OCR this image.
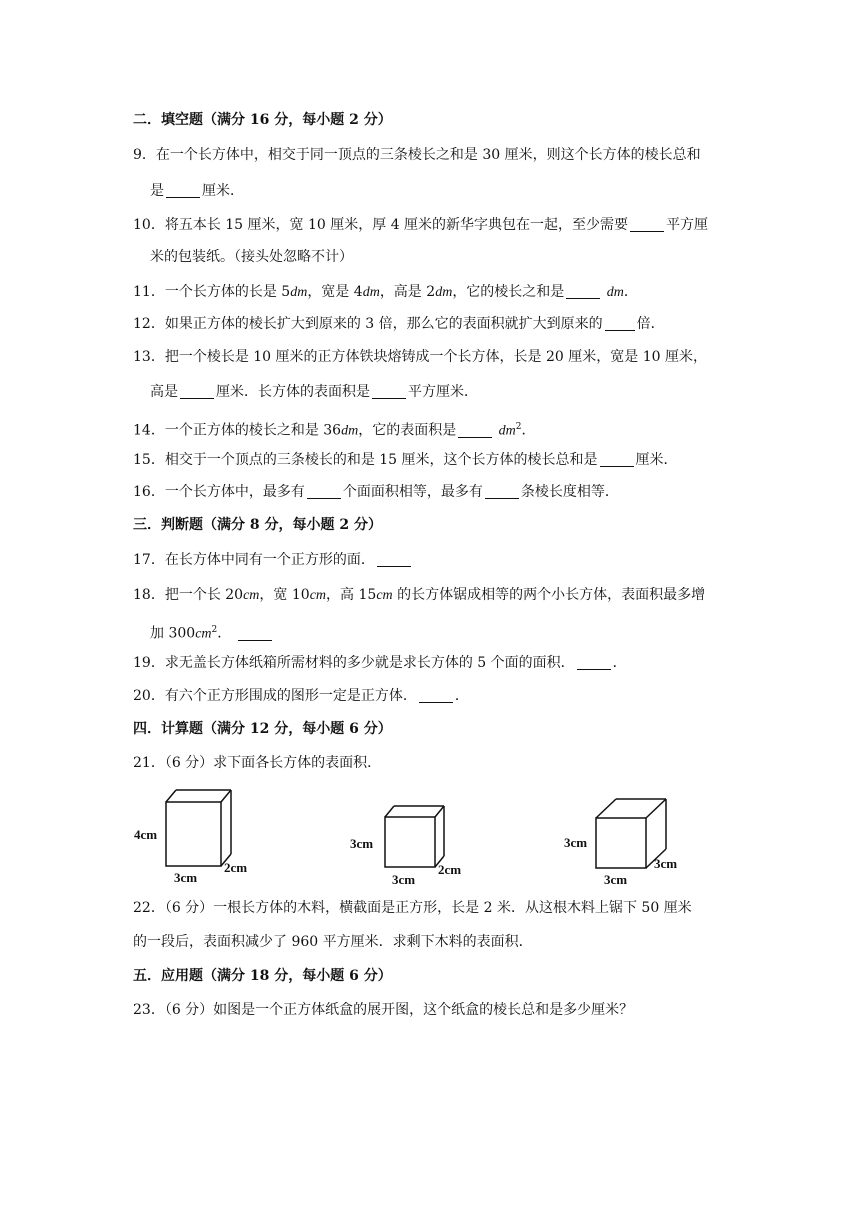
二．填空题（满分 16 分，每小题 2 分）
9．在一个长方体中，相交于同一顶点的三条棱长之和是 30 厘米，则这个长方体的棱长总和
是	厘米．
10．将五本长 15 厘米，宽 10 厘米，厚 4 厘米的新华字典包在一起，至少需要	平方厘
米的包装纸。（接头处忽略不计）
11．一个长方体的长是 5dm，宽是 4dm，高是 2dm，它的棱长之和是	dm．
12．如果正方体的棱长扩大到原来的 3 倍，那么它的表面积就扩大到原来的 倍．
13．把一个棱长是 10 厘米的正方体铁块熔铸成一个长方体，长是 20 厘米，宽是 10 厘米，
高是	厘米．长方体的表面积是	平方厘米．
14．一个正方体的棱长之和是 36dm，它的表面积是	$dm^2$．
15．相交于一个顶点的三条棱长的和是 15 厘米，这个长方体的棱长总和是	厘米．
16．一个长方体中，最多有	个面面积相等，最多有	条棱长度相等．
三．判断题（满分 8 分，每小题 2 分）
17．在长方体中同有一个正方形的面．
18．把一个长 20cm，宽 10cm，高 15cm 的长方体锯成相等的两个小长方体，表面积最多增
加 $300cm^2$．
19．求无盖长方体纸箱所需材料的多少就是求长方体的 5 个面的面积．	．
20．有六个正方形围成的图形一定是正方体．	．
四．计算题（满分 12 分，每小题 6 分）
21．（6 分）求下面各长方体的表面积．
4cm
3cm
2cm
3cm
3cm
2cm
3cm
3cm
3cm
22．（6 分）一根长方体的木料，横截面是正方形，长是 2 米．从这根木料上锯下 50 厘米
的一段后，表面积减少了 960 平方厘米．求剩下木料的表面积．
五．应用题（满分 18 分，每小题 6 分）
23．（6 分）如图是一个正方体纸盒的展开图，这个纸盒的棱长总和是多少厘米？
